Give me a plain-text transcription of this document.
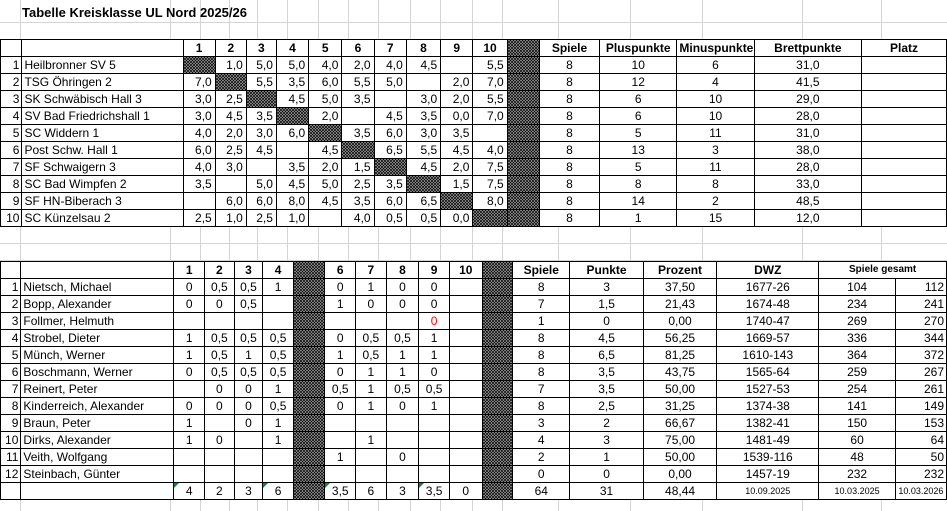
Tabelle Kreisklasse UL Nord 2025/26
		1	2	3	4	5	6	7	8	9	10		Spiele	Pluspunkte	Minuspunkte	Brettpunkte	Platz
1	Heilbronner SV 5		1,0	5,0	5,0	4,0	2,0	4,0	4,5		5,5		8	10	6	31,0	
2	TSG Öhringen 2	7,0		5,5	3,5	6,0	5,5	5,0		2,0	7,0		8	12	4	41,5	
3	SK Schwäbisch Hall 3	3,0	2,5		4,5	5,0	3,5		3,0	2,0	5,5		8	6	10	29,0	
4	SV Bad Friedrichshall 1	3,0	4,5	3,5		2,0		4,5	3,5	0,0	7,0		8	6	10	28,0	
5	SC Widdern 1	4,0	2,0	3,0	6,0		3,5	6,0	3,0	3,5			8	5	11	31,0	
6	Post Schw. Hall 1	6,0	2,5	4,5		4,5		6,5	5,5	4,5	4,0		8	13	3	38,0	
7	SF Schwaigern 3	4,0	3,0		3,5	2,0	1,5		4,5	2,0	7,5		8	5	11	28,0	
8	SC Bad Wimpfen 2	3,5		5,0	4,5	5,0	2,5	3,5		1,5	7,5		8	8	8	33,0	
9	SF HN-Biberach 3		6,0	6,0	8,0	4,5	3,5	6,0	6,5		8,0		8	14	2	48,5	
10	SC Künzelsau 2	2,5	1,0	2,5	1,0		4,0	0,5	0,5	0,0			8	1	15	12,0	
		1	2	3	4		6	7	8	9	10		Spiele	Punkte	Prozent	DWZ	Spiele gesamt	
1	Nietsch, Michael	0	0,5	0,5	1		0	1	0	0			8	3	37,50	1677-26	104	112
2	Bopp, Alexander	0	0	0,5			1	0	0	0			7	1,5	21,43	1674-48	234	241
3	Follmer, Helmuth									0			1	0	0,00	1740-47	269	270
4	Strobel, Dieter	1	0,5	0,5	0,5		0	0,5	0,5	1			8	4,5	56,25	1669-57	336	344
5	Münch, Werner	1	0,5	1	0,5		1	0,5	1	1			8	6,5	81,25	1610-143	364	372
6	Boschmann, Werner	0	0,5	0,5	0,5		0	1	1	0			8	3,5	43,75	1565-64	259	267
7	Reinert, Peter		0	0	1		0,5	1	0,5	0,5			7	3,5	50,00	1527-53	254	261
8	Kinderreich, Alexander	0	0	0	0,5		0	1	0	1			8	2,5	31,25	1374-38	141	149
9	Braun, Peter	1		0	1								3	2	66,67	1382-41	150	153
10	Dirks, Alexander	1	0		1			1					4	3	75,00	1481-49	60	64
11	Veith, Wolfgang						1		0				2	1	50,00	1539-116	48	50
12	Steinbach, Günter												0	0	0,00	1457-19	232	232
		4	2	3	6		3,5	6	3	3,5	0		64	31	48,44	10.09.2025	10.03.2025	10.03.2026
